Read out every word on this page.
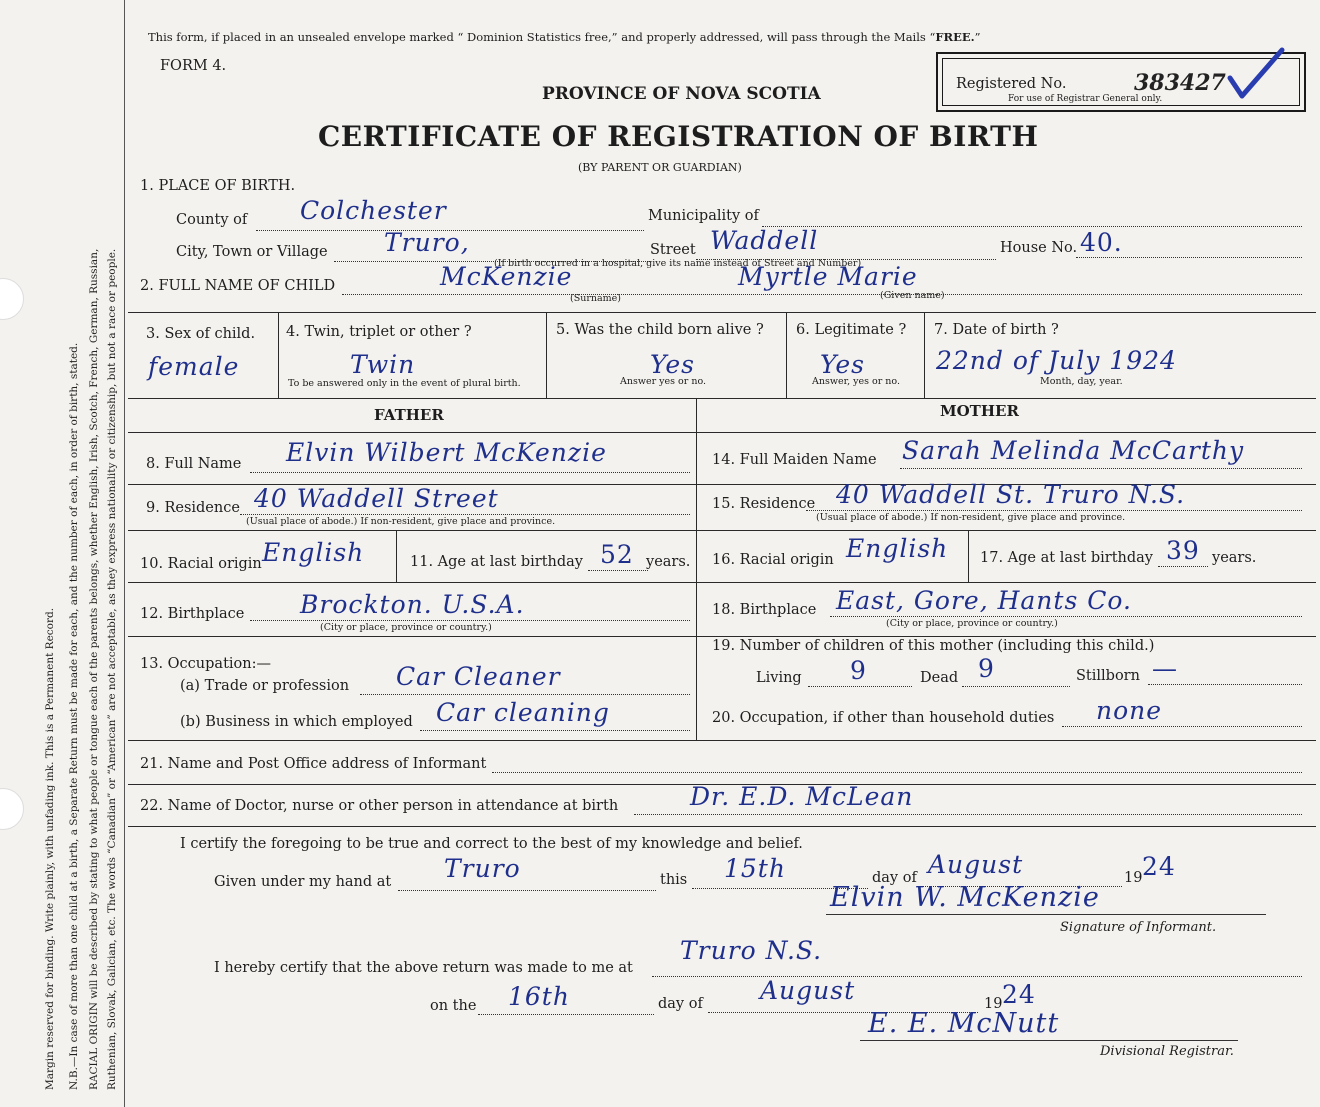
Margin reserved for binding. Write plainly, with unfading ink. This is a Permanent Record. N.B.—In case of more than one child at a birth, a Separate Return must be made for each, and the number of each, in order of birth, stated. RACIAL ORIGIN will be described by stating to what people or tongue each of the parents belongs, whether English, Irish, Scotch, French, German, Russian, Ruthenian, Slovak, Galician, etc. The words “Canadian” or “American” are not acceptable, as they express nationality or citizenship, but not a race or people.
This form, if placed in an unsealed envelope marked “ Dominion Statistics free,” and properly addressed, will pass through the Mails “FREE.”
FORM 4.
PROVINCE OF NOVA SCOTIA
CERTIFICATE OF REGISTRATION OF BIRTH
(BY PARENT OR GUARDIAN)
Registered No.
For use of Registrar General only.
383427
1. PLACE OF BIRTH.
County of Colchester	Municipality of
City, Town or Village Truro,	Street Waddell
(If birth occurred in a hospital, give its name instead of Street and Number)
House No. 40.
2. FULL NAME OF CHILD	McKenzie
(Surname)
Myrtle Marie
(Given name)
3. Sex of child.
female
4. Twin, triplet or other ?
Twin
To be answered only in the event of plural birth.
5. Was the child born alive ?
Yes
Answer yes or no.
6. Legitimate ?
Yes
Answer, yes or no.
7. Date of birth ?
22nd of July 1924
Month, day, year.
FATHER	MOTHER
8. Full Name Elvin Wilbert McKenzie	14. Full Maiden Name Sarah Melinda McCarthy
9. Residence 40 Waddell Street
(Usual place of abode.) If non-resident, give place and province.
15. Residence 40 Waddell St. Truro N.S.
(Usual place of abode.) If non-resident, give place and province.
10. Racial origin English	11. Age at last birthday 52 years. 16. Racial origin English 17. Age at last birthday 39 years.
12. Birthplace Brockton. U.S.A.
(City or place, province or country.)
18. Birthplace East, Gore, Hants Co.
(City or place, province or country.)
13. Occupation:—
(a) Trade or profession Car Cleaner
(b) Business in which employed Car cleaning
19. Number of children of this mother (including this child.)
Living 9	Dead 9	Stillborn —
20. Occupation, if other than household duties none
21. Name and Post Office address of Informant
22. Name of Doctor, nurse or other person in attendance at birth	Dr. E.D. McLean
I certify the foregoing to be true and correct to the best of my knowledge and belief.
Given under my hand at Truro	this 15th	day of August	19 24
Elvin W. McKenzie
Signature of Informant.
Truro N.S.
I hereby certify that the above return was made to me at
on the 16th	day of August	19 24
E. E. McNutt
Divisional Registrar.
